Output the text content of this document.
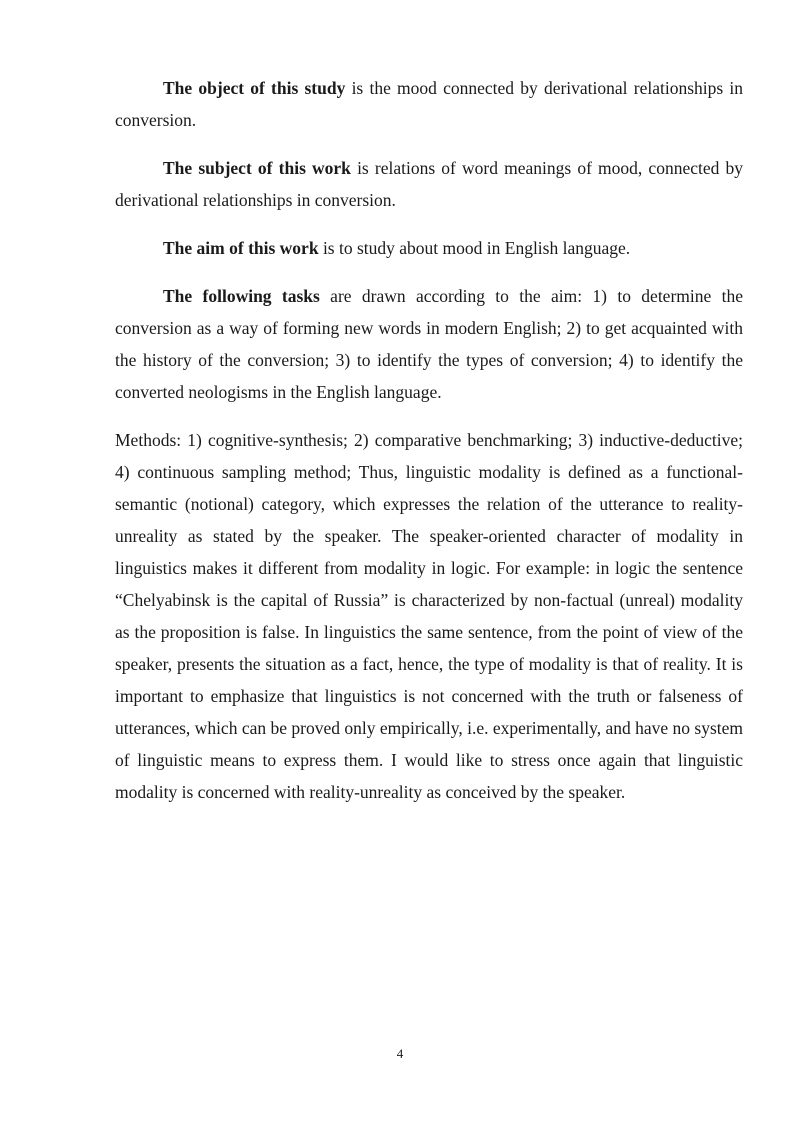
The object of this study is the mood connected by derivational relationships in conversion.

The subject of this work is relations of word meanings of mood, connected by derivational relationships in conversion.

The aim of this work is to study about mood in English language.

The following tasks are drawn according to the aim: 1) to determine the conversion as a way of forming new words in modern English; 2) to get acquainted with the history of the conversion; 3) to identify the types of conversion; 4) to identify the converted neologisms in the English language.

Methods: 1) cognitive-synthesis; 2) comparative benchmarking; 3) inductive-deductive; 4) continuous sampling method; Thus, linguistic modality is defined as a functional-semantic (notional) category, which expresses the relation of the utterance to reality-unreality as stated by the speaker. The speaker-oriented character of modality in linguistics makes it different from modality in logic. For example: in logic the sentence “Chelyabinsk is the capital of Russia” is characterized by non-factual (unreal) modality as the proposition is false. In linguistics the same sentence, from the point of view of the speaker, presents the situation as a fact, hence, the type of modality is that of reality. It is important to emphasize that linguistics is not concerned with the truth or falseness of utterances, which can be proved only empirically, i.e. experimentally, and have no system of linguistic means to express them. I would like to stress once again that linguistic modality is concerned with reality-unreality as conceived by the speaker.

4
